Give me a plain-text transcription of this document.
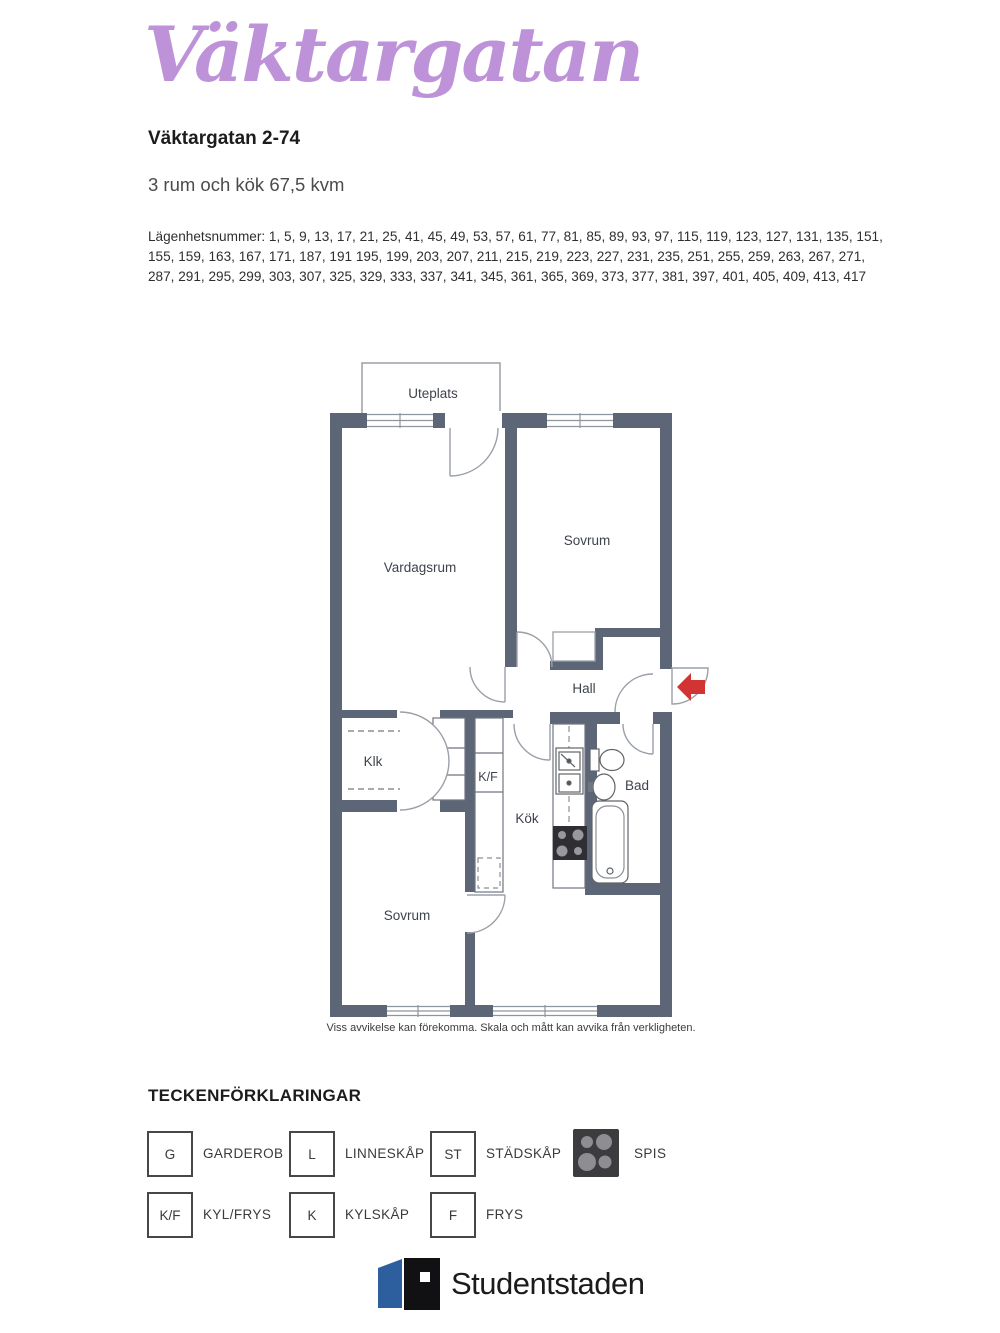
Väktargatan
Väktargatan 2-74
3 rum och kök 67,5 kvm
Lägenhetsnummer: 1, 5, 9, 13, 17, 21, 25, 41, 45, 49, 53, 57, 61, 77, 81, 85, 89, 93, 97, 115, 119, 123, 127, 131, 135, 151, 155, 159, 163, 167, 171, 187, 191 195, 199, 203, 207, 211, 215, 219, 223, 227, 231, 235, 251, 255, 259, 263, 267, 271, 287, 291, 295, 299, 303, 307, 325, 329, 333, 337, 341, 345, 361, 365, 369, 373, 377, 381, 397, 401, 405, 409, 413, 417
Uteplats
Vardagsrum
Sovrum
Hall
Klk
K/F
Kök
Bad
Sovrum
Viss avvikelse kan förekomma. Skala och mått kan avvika från verkligheten.
TECKENFÖRKLARINGAR
G	GARDEROB	L	LINNESKÅP	ST	STÄDSKÅP	SPIS
K/F	KYL/FRYS	K	KYLSKÅP	F	FRYS
Studentstaden
